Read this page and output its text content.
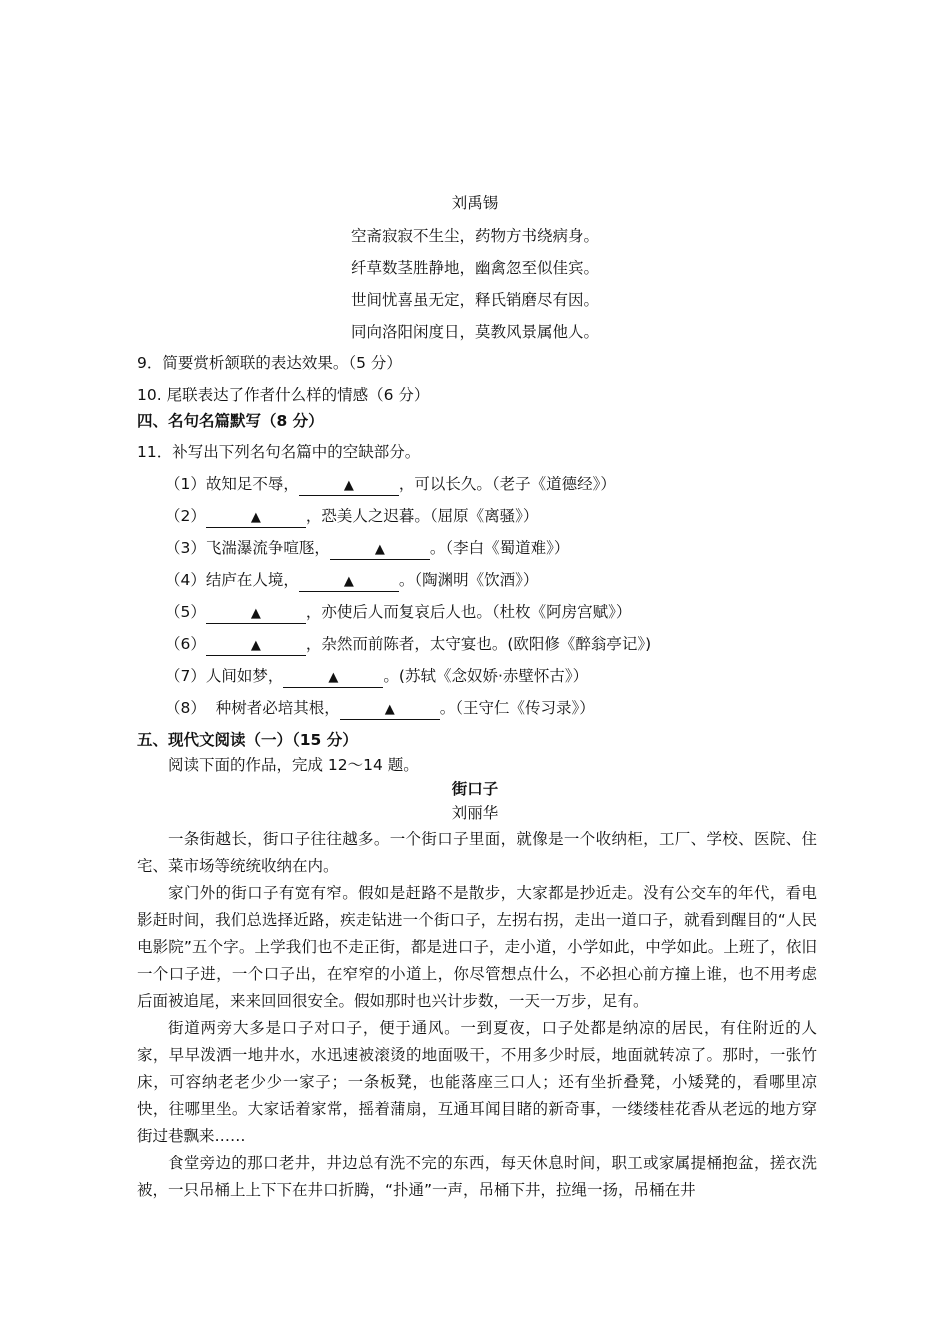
刘禹锡
空斋寂寂不生尘，药物方书绕病身。
纤草数茎胜静地，幽禽忽至似佳宾。
世间忧喜虽无定，释氏销磨尽有因。
同向洛阳闲度日，莫教风景属他人。
9．简要赏析颔联的表达效果。（5 分）
10. 尾联表达了作者什么样的情感（6 分）
四、名句名篇默写（8 分）
11．补写出下列名句名篇中的空缺部分。
（1）故知足不辱，	▲	，可以长久。（老子《道德经》）
（2）	▲	，恐美人之迟暮。（屈原《离骚》）
（3）飞湍瀑流争喧豗，	▲	。（李白《蜀道难》）
（4）结庐在人境，	▲	。（陶渊明《饮酒》）
（5）	▲	，亦使后人而复哀后人也。（杜枚《阿房宫赋》）
（6）	▲	，杂然而前陈者，太守宴也。(欧阳修《醉翁亭记》)
（7）人间如梦，	▲	。(苏轼《念奴娇·赤壁怀古》）
（8）  种树者必培其根，	▲	。（王守仁《传习录》）
五、现代文阅读（一）（15 分）
阅读下面的作品，完成 12～14 题。
街口子
刘丽华

一条街越长，街口子往往越多。一个街口子里面，就像是一个收纳柜，工厂、学校、医院、住宅、菜市场等统统收纳在内。

家门外的街口子有宽有窄。假如是赶路不是散步，大家都是抄近走。没有公交车的年代，看电影赶时间，我们总选择近路，疾走钻进一个街口子，左拐右拐，走出一道口子，就看到醒目的“人民电影院”五个字。上学我们也不走正街，都是进口子，走小道，小学如此，中学如此。上班了，依旧一个口子进，一个口子出，在窄窄的小道上，你尽管想点什么，不必担心前方撞上谁，也不用考虑后面被追尾，来来回回很安全。假如那时也兴计步数，一天一万步，足有。

街道两旁大多是口子对口子，便于通风。一到夏夜，口子处都是纳凉的居民，有住附近的人家，早早泼洒一地井水，水迅速被滚烫的地面吸干，不用多少时辰，地面就转凉了。那时，一张竹床，可容纳老老少少一家子；一条板凳，也能落座三口人；还有坐折叠凳，小矮凳的，看哪里凉快，往哪里坐。大家话着家常，摇着蒲扇，互通耳闻目睹的新奇事，一缕缕桂花香从老远的地方穿街过巷飘来……

食堂旁边的那口老井，井边总有洗不完的东西，每天休息时间，职工或家属提桶抱盆，搓衣洗被，一只吊桶上上下下在井口折腾，“扑通”一声，吊桶下井，拉绳一扬，吊桶在井
